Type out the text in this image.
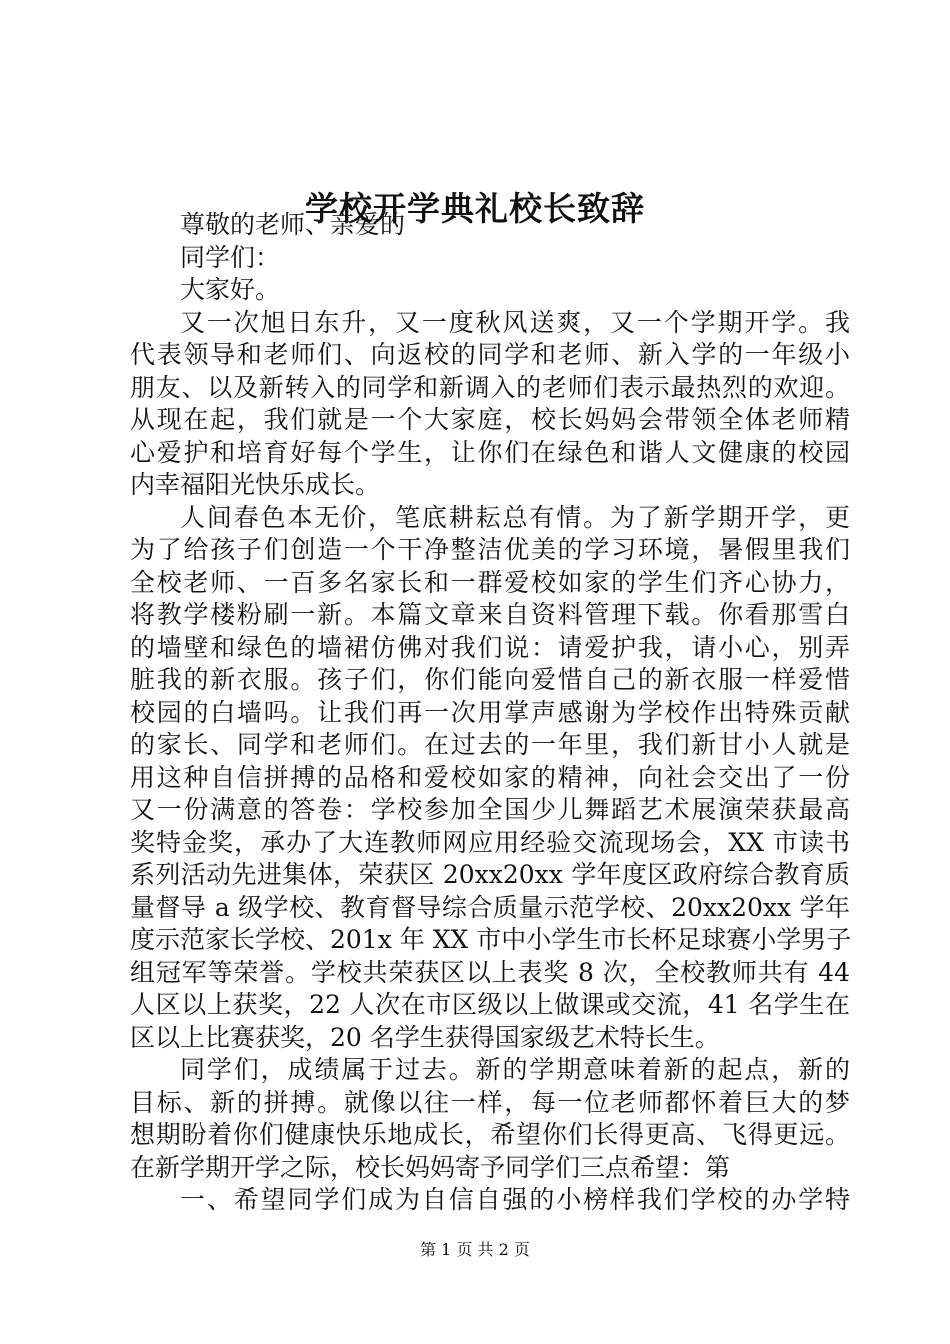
学校开学典礼校长致辞
尊敬的老师、亲爱的
同学们：
大家好。
又一次旭日东升，又一度秋风送爽，又一个学期开学。我
代表领导和老师们、向返校的同学和老师、新入学的一年级小
朋友、以及新转入的同学和新调入的老师们表示最热烈的欢迎。
从现在起，我们就是一个大家庭，校长妈妈会带领全体老师精
心爱护和培育好每个学生，让你们在绿色和谐人文健康的校园
内幸福阳光快乐成长。
人间春色本无价，笔底耕耘总有情。为了新学期开学，更
为了给孩子们创造一个干净整洁优美的学习环境，暑假里我们
全校老师、一百多名家长和一群爱校如家的学生们齐心协力，
将教学楼粉刷一新。本篇文章来自资料管理下载。你看那雪白
的墙壁和绿色的墙裙仿佛对我们说：请爱护我，请小心，别弄
脏我的新衣服。孩子们，你们能向爱惜自己的新衣服一样爱惜
校园的白墙吗。让我们再一次用掌声感谢为学校作出特殊贡献
的家长、同学和老师们。在过去的一年里，我们新甘小人就是
用这种自信拼搏的品格和爱校如家的精神，向社会交出了一份
又一份满意的答卷：学校参加全国少儿舞蹈艺术展演荣获最高
奖特金奖，承办了大连教师网应用经验交流现场会，XX 市读书
系列活动先进集体，荣获区 20xx20xx 学年度区政府综合教育质
量督导 a 级学校、教育督导综合质量示范学校、20xx20xx 学年
度示范家长学校、201x 年 XX 市中小学生市长杯足球赛小学男子
组冠军等荣誉。学校共荣获区以上表奖 8 次，全校教师共有 44
人区以上获奖，22 人次在市区级以上做课或交流，41 名学生在
区以上比赛获奖，20 名学生获得国家级艺术特长生。
同学们，成绩属于过去。新的学期意味着新的起点，新的
目标、新的拼搏。就像以往一样，每一位老师都怀着巨大的梦
想期盼着你们健康快乐地成长，希望你们长得更高、飞得更远。
在新学期开学之际，校长妈妈寄予同学们三点希望：第
一、希望同学们成为自信自强的小榜样我们学校的办学特
第 1 页 共 2 页
